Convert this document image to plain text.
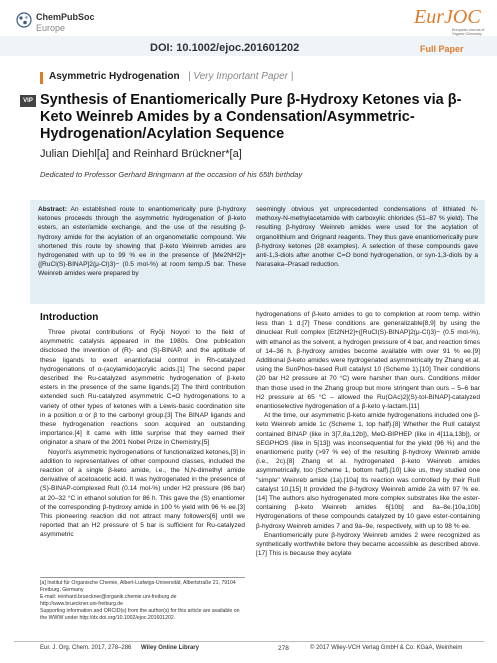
ChemPubSoc
Europe
DOI: 10.1002/ejoc.201601202
EurJOC
European Journal of Organic Chemistry
Full Paper
Asymmetric Hydrogenation | Very Important Paper |
VIP Synthesis of Enantiomerically Pure β-Hydroxy Ketones via β-Keto Weinreb Amides by a Condensation/Asymmetric-Hydrogenation/Acylation Sequence
Julian Diehl[a] and Reinhard Brückner*[a]
Dedicated to Professor Gerhard Bringmann at the occasion of his 65th birthday
Abstract: An established route to enantiomerically pure β-hydroxy ketones proceeds through the asymmetric hydrogenation of β-keto esters, an ester/amide exchange, and the use of the resulting β-hydroxy amide for the acylation of an organometallic compound. We shortened this route by showing that β-keto Weinreb amides are hydrogenated with up to 99 % ee in the presence of [Me2NH2]+{[RuCl(S)-BINAP]2(μ-Cl)3}− (0.5 mol-%) at room temp./5 bar. These Weinreb amides were prepared by
seemingly obvious yet unprecedented condensations of lithiated N-methoxy-N-methylacetamide with carboxylic chlorides (51–87 % yield). The resulting β-hydroxy Weinreb amides were used for the acylation of organolithium and Grignard reagents. They thus gave enantiomerically pure β-hydroxy ketones (28 examples). A selection of these compounds gave anti-1,3-diols after another C=O bond hydrogenation, or syn-1,3-diols by a Narasaka–Prasad reduction.
Introduction

Three pivotal contributions of Ryōji Noyori to the field of asymmetric catalysis appeared in the 1980s. One publication disclosed the invention of (R)- and (S)-BINAP, and the aptitude of these ligands to exert enantiofacial control in Rh-catalyzed hydrogenations of α-(acylamido)acrylic acids.[1] The second paper described the Ru-catalyzed asymmetric hydrogenation of β-keto esters in the presence of the same ligands.[2] The third contribution extended such Ru-catalyzed asymmetric C=O hydrogenations to a variety of other types of ketones with a Lewis-basic coordination site in a position α or β to the carbonyl group.[3] The BINAP ligands and these hydrogenation reactions soon acquired an outstanding importance.[4] It came with little surprise that they earned their originator a share of the 2001 Nobel Prize in Chemistry.[5]

Noyori's asymmetric hydrogenations of functionalized ketones,[3] in addition to representatives of other compound classes, included the reaction of a single β-keto amide, i.e., the N,N-dimethyl amide derivative of acetoacetic acid. It was hydrogenated in the presence of (S)-BINAP-complexed RuII (0.14 mol-%) under H2 pressure (86 bar) at 20–32 °C in ethanol solution for 86 h. This gave the (S) enantiomer of the corresponding β-hydroxy amide in 100 % yield with 96 % ee.[3] This pioneering reaction did not attract many followers[6] until we reported that an H2 pressure of 5 bar is sufficient for Ru-catalyzed asymmetric

hydrogenations of β-keto amides to go to completion at room temp. within less than 1 d.[7] These conditions are generalizable[8,9] by using the dinuclear RuII complex [Et2NH2]+{[RuCl(S)-BINAP]2(μ-Cl)3}− (0.5 mol-%), with ethanol as the solvent, a hydrogen pressure of 4 bar, and reaction times of 14–36 h. β-hydroxy amides become available with over 91 % ee.[9] Additional β-keto amides were hydrogenated asymmetrically by Zhang et al. using the SunPhos-based RuII catalyst 10 (Scheme 1).[10] Their conditions (20 bar H2 pressure at 70 °C) were harsher than ours. Conditions milder than those used in the Zhang group but more stringent than ours – 5–6 bar H2 pressure at 65 °C – allowed the Ru(OAc)2[(S)-tol-BINAP]-catalyzed enantioselective hydrogenation of a β-keto γ-lactam.[11]

At the time, our asymmetric β-keto amide hydrogenations included one β-keto Weinreb amide 1c (Scheme 1, top half).[8] Whether the RuII catalyst contained BINAP (like in 3[7,8a,12b]), MeO-BIPHEP (like in 4[11a,13b]), or SEGPHOS (like in 5[13]) was inconsequential for the yield (96 %) and the enantiomeric purity (>97 % ee) of the resulting β-hydroxy Weinreb amide (i.e., 2c).[8] Zhang et al. hydrogenated β-keto Weinreb amides asymmetrically, too (Scheme 1, bottom half).[10] Like us, they studied one "simple" Weinreb amide (1a).[10a] Its reaction was controlled by their RuII catalyst 10.[15] It provided the β-hydroxy Weinreb amide 2a with 97 % ee.[14] The authors also hydrogenated more complex substrates like the ester-containing β-keto Weinreb amides 6[10b] and 8a–8e.[10a,10b] Hydrogenations of these compounds catalyzed by 10 gave ester-containing β-hydroxy Weinreb amides 7 and 9a–9e, respectively, with up to 98 % ee.

Enantiomerically pure β-hydroxy Weinreb amides 2 were recognized as synthetically worthwhile before they became accessible as described above.[17] This is because they acylate

[a] Institut für Organische Chemie, Albert-Ludwigs-Universität, Albertstraße 21, 79104 Freiburg, Germany
E-mail: reinhard.brueckner@organik.chemie.uni-freiburg.de
http://www.brueckner.uni-freiburg.de
Supporting information and ORCID(s) from the author(s) for this article are available on the WWW under http://dx.doi.org/10.1002/ejoc.201601202.
Eur. J. Org. Chem. 2017, 278–286 Wiley Online Library	278	© 2017 Wiley-VCH Verlag GmbH & Co. KGaA, Weinheim
